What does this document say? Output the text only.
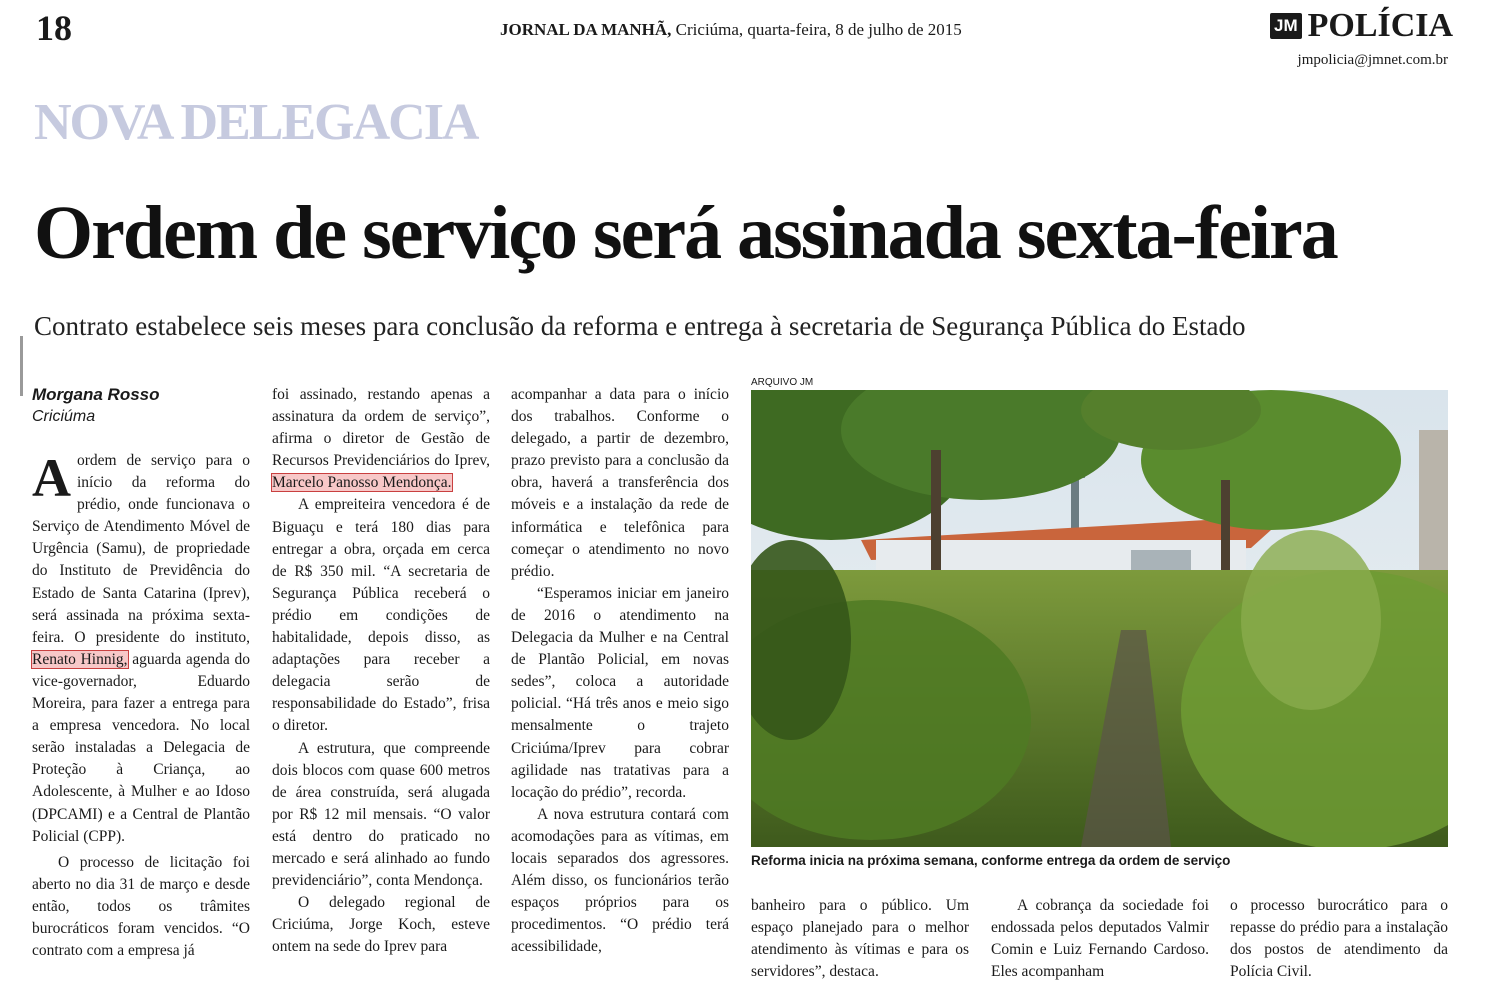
18	JORNAL DA MANHÃ, Criciúma, quarta-feira, 8 de julho de 2015	JM POLÍCIA
jmpolicia@jmnet.com.br
NOVA DELEGACIA
Ordem de serviço será assinada sexta-feira
Contrato estabelece seis meses para conclusão da reforma e entrega à secretaria de Segurança Pública do Estado
Morgana Rosso
Criciúma

Aordem de serviço para o início da reforma do prédio, onde funcionava o Serviço de Atendimento Móvel de Urgência (Samu), de propriedade do Instituto de Previdência do Estado de Santa Catarina (Iprev), será assinada na próxima sexta-feira. O presidente do instituto, Renato Hinnig, aguarda agenda do vice-governador, Eduardo Moreira, para fazer a entrega para a empresa vencedora. No local serão instaladas a Delegacia de Proteção à Criança, ao Adolescente, à Mulher e ao Idoso (DPCAMI) e a Central de Plantão Policial (CPP).

O processo de licitação foi aberto no dia 31 de março e desde então, todos os trâmites burocráticos foram vencidos. “O contrato com a empresa já

foi assinado, restando apenas a assinatura da ordem de serviço”, afirma o diretor de Gestão de Recursos Previdenciários do Iprev, Marcelo Panosso Mendonça.

A empreiteira vencedora é de Biguaçu e terá 180 dias para entregar a obra, orçada em cerca de R$ 350 mil. “A secretaria de Segurança Pública receberá o prédio em condições de habitalidade, depois disso, as adaptações para receber a delegacia serão de responsabilidade do Estado”, frisa o diretor.

A estrutura, que compreende dois blocos com quase 600 metros de área construída, será alugada por R$ 12 mil mensais. “O valor está dentro do praticado no mercado e será alinhado ao fundo previdenciário”, conta Mendonça.

O delegado regional de Criciúma, Jorge Koch, esteve ontem na sede do Iprev para

acompanhar a data para o início dos trabalhos. Conforme o delegado, a partir de dezembro, prazo previsto para a conclusão da obra, haverá a transferência dos móveis e a instalação da rede de informática e telefônica para começar o atendimento no novo prédio.

“Esperamos iniciar em janeiro de 2016 o atendimento na Delegacia da Mulher e na Central de Plantão Policial, em novas sedes”, coloca a autoridade policial. “Há três anos e meio sigo mensalmente o trajeto Criciúma/Iprev para cobrar agilidade nas tratativas para a locação do prédio”, recorda.

A nova estrutura contará com acomodações para as vítimas, em locais separados dos agressores. Além disso, os funcionários terão espaços próprios para os procedimentos. “O prédio terá acessibilidade,

ARQUIVO JM
Reforma inicia na próxima semana, conforme entrega da ordem de serviço

banheiro para o público. Um espaço planejado para o melhor atendimento às vítimas e para os servidores”, destaca.

A cobrança da sociedade foi endossada pelos deputados Valmir Comin e Luiz Fernando Cardoso. Eles acompanham

o processo burocrático para o repasse do prédio para a instalação dos postos de atendimento da Polícia Civil.
